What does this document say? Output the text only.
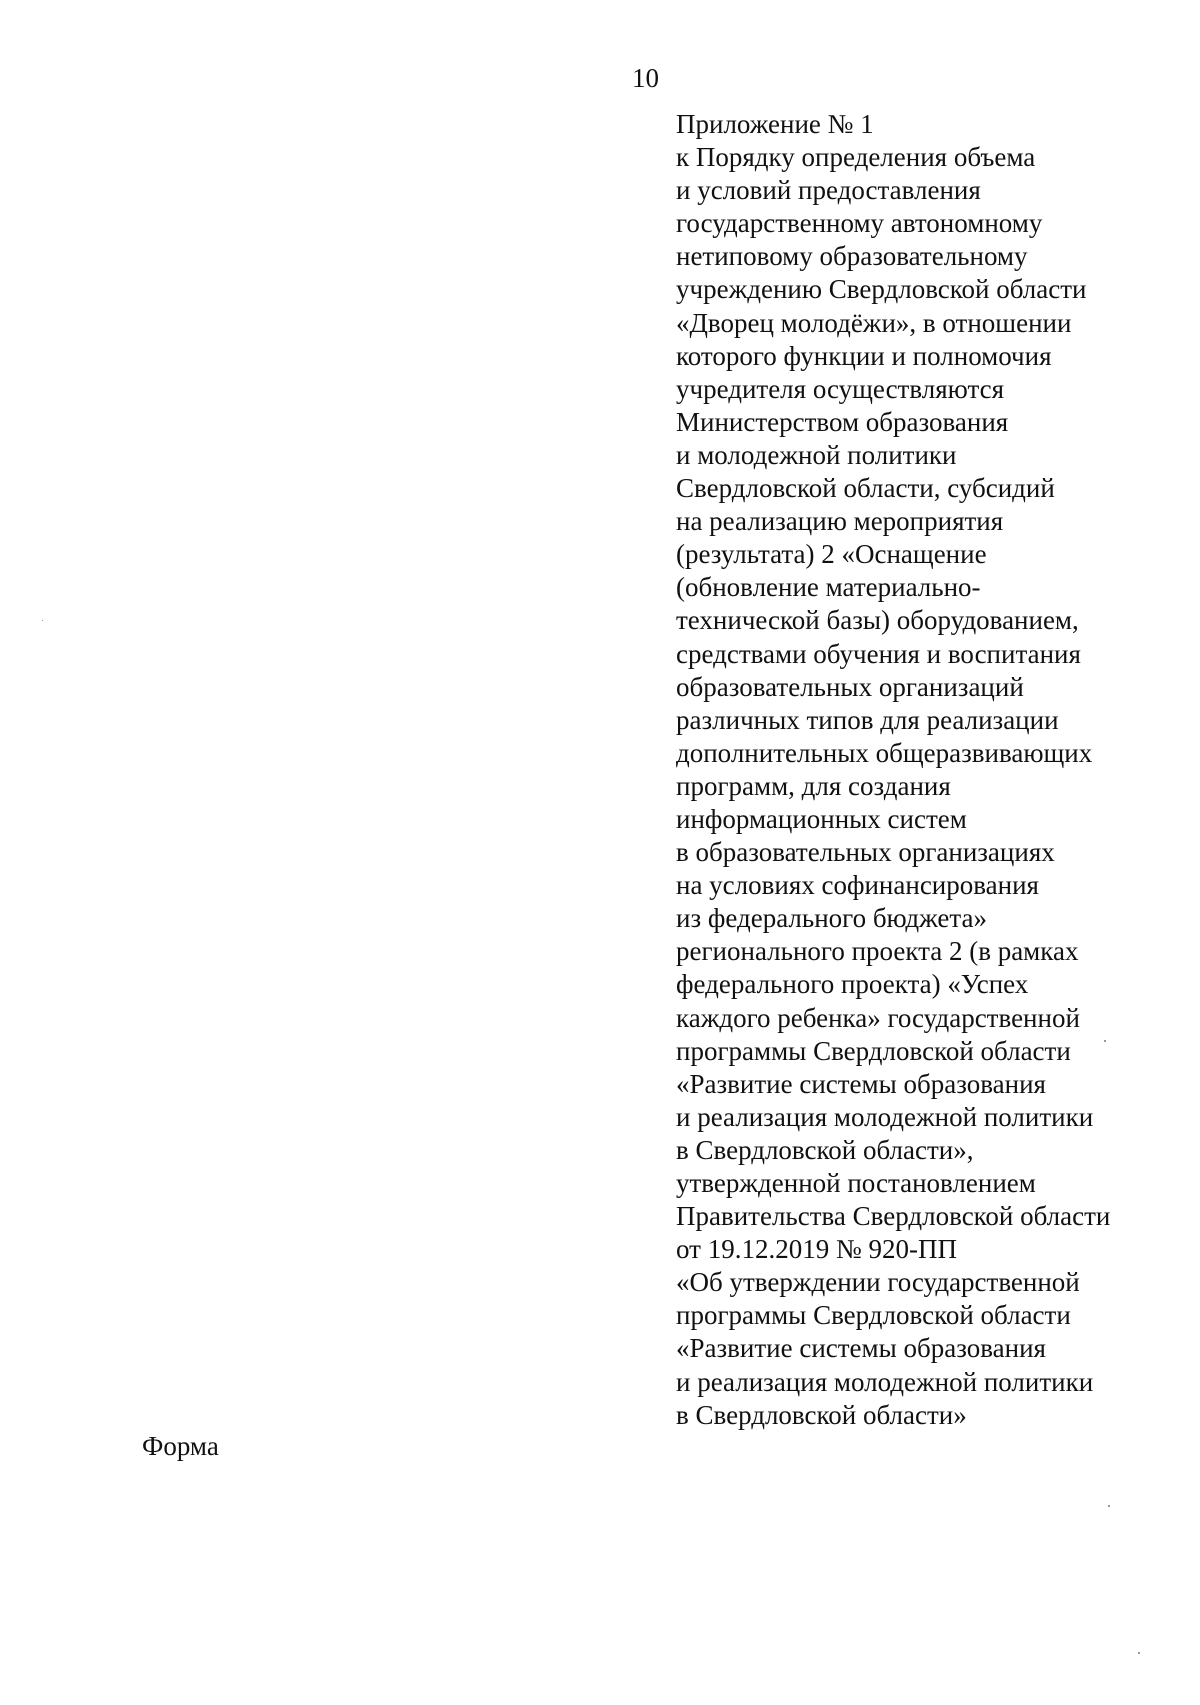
10
Приложение № 1
к Порядку определения объема
и условий предоставления
государственному автономному
нетиповому образовательному
учреждению Свердловской области
«Дворец молодёжи», в отношении
которого функции и полномочия
учредителя осуществляются
Министерством образования
и молодежной политики
Свердловской области, субсидий
на реализацию мероприятия
(результата) 2 «Оснащение
(обновление материально-
технической базы) оборудованием,
средствами обучения и воспитания
образовательных организаций
различных типов для реализации
дополнительных общеразвивающих
программ, для создания
информационных систем
в образовательных организациях
на условиях софинансирования
из федерального бюджета»
регионального проекта 2 (в рамках
федерального проекта) «Успех
каждого ребенка» государственной
программы Свердловской области
«Развитие системы образования
и реализация молодежной политики
в Свердловской области»,
утвержденной постановлением
Правительства Свердловской области
от 19.12.2019 № 920-ПП
«Об утверждении государственной
программы Свердловской области
«Развитие системы образования
и реализация молодежной политики
в Свердловской области»
Форма
